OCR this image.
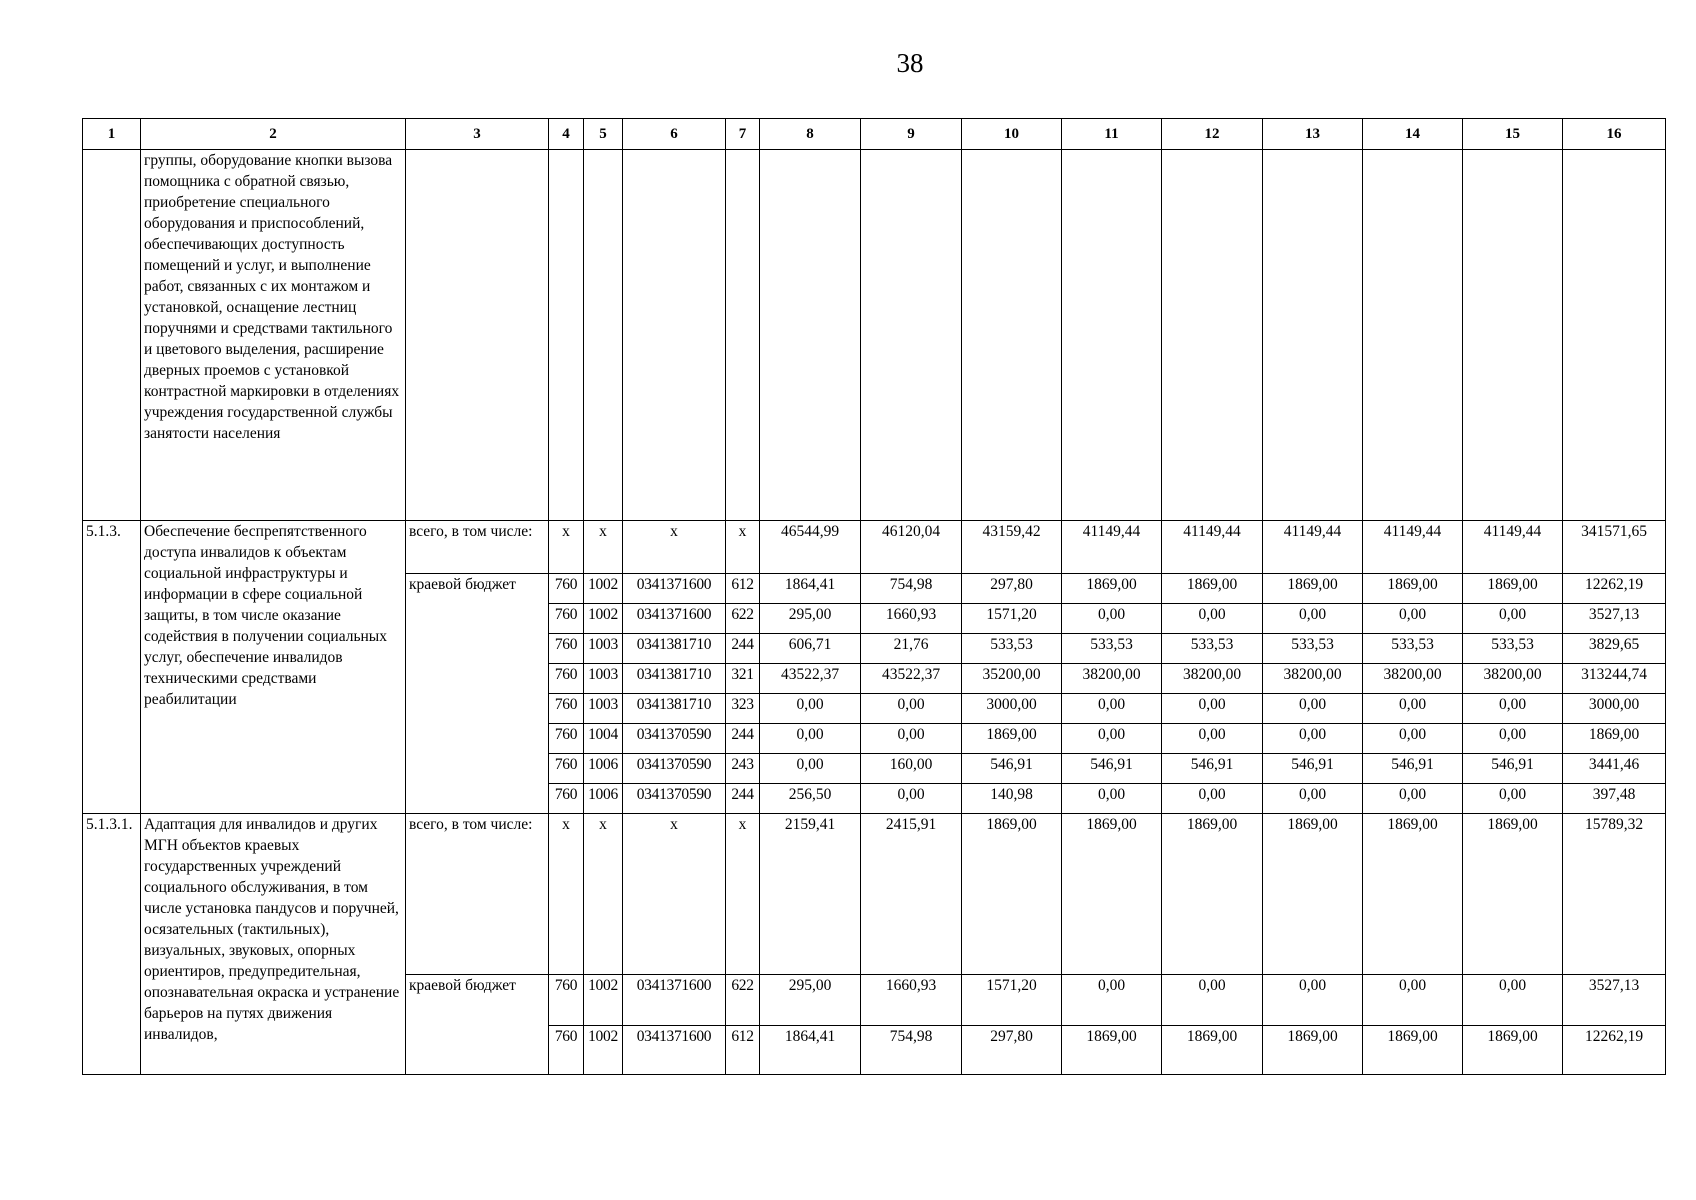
38
1	2	3	4	5	6	7	8	9	10	11	12	13	14	15	16
	группы, оборудование кнопки вызова помощника с обратной связью, приобретение специального оборудования и приспособлений, обеспечивающих доступность помещений и услуг, и выполнение работ, связанных с их монтажом и установкой, оснащение лестниц поручнями и средствами тактильного и цветового выделения, расширение дверных проемов с установкой контрастной маркировки в отделениях учреждения государственной службы занятости населения														
5.1.3.	Обеспечение беспрепятственного доступа инвалидов к объектам социальной инфраструктуры и информации в сфере социальной защиты, в том числе оказание содействия в получении социальных услуг, обеспечение инвалидов техническими средствами реабилитации	всего, в том числе:	x	x	x	x	46544,99	46120,04	43159,42	41149,44	41149,44	41149,44	41149,44	41149,44	341571,65
		краевой бюджет	760	1002	0341371600	612	1864,41	754,98	297,80	1869,00	1869,00	1869,00	1869,00	1869,00	12262,19
			760	1002	0341371600	622	295,00	1660,93	1571,20	0,00	0,00	0,00	0,00	0,00	3527,13
			760	1003	0341381710	244	606,71	21,76	533,53	533,53	533,53	533,53	533,53	533,53	3829,65
			760	1003	0341381710	321	43522,37	43522,37	35200,00	38200,00	38200,00	38200,00	38200,00	38200,00	313244,74
			760	1003	0341381710	323	0,00	0,00	3000,00	0,00	0,00	0,00	0,00	0,00	3000,00
			760	1004	0341370590	244	0,00	0,00	1869,00	0,00	0,00	0,00	0,00	0,00	1869,00
			760	1006	0341370590	243	0,00	160,00	546,91	546,91	546,91	546,91	546,91	546,91	3441,46
			760	1006	0341370590	244	256,50	0,00	140,98	0,00	0,00	0,00	0,00	0,00	397,48
5.1.3.1.	Адаптация для инвалидов и других МГН объектов краевых государственных учреждений социального обслуживания, в том числе установка пандусов и поручней, осязательных (тактильных), визуальных, звуковых, опорных ориентиров, предупредительная, опознавательная окраска и устранение барьеров на путях движения инвалидов,	всего, в том числе:	x	x	x	x	2159,41	2415,91	1869,00	1869,00	1869,00	1869,00	1869,00	1869,00	15789,32
		краевой бюджет	760	1002	0341371600	622	295,00	1660,93	1571,20	0,00	0,00	0,00	0,00	0,00	3527,13
			760	1002	0341371600	612	1864,41	754,98	297,80	1869,00	1869,00	1869,00	1869,00	1869,00	12262,19
